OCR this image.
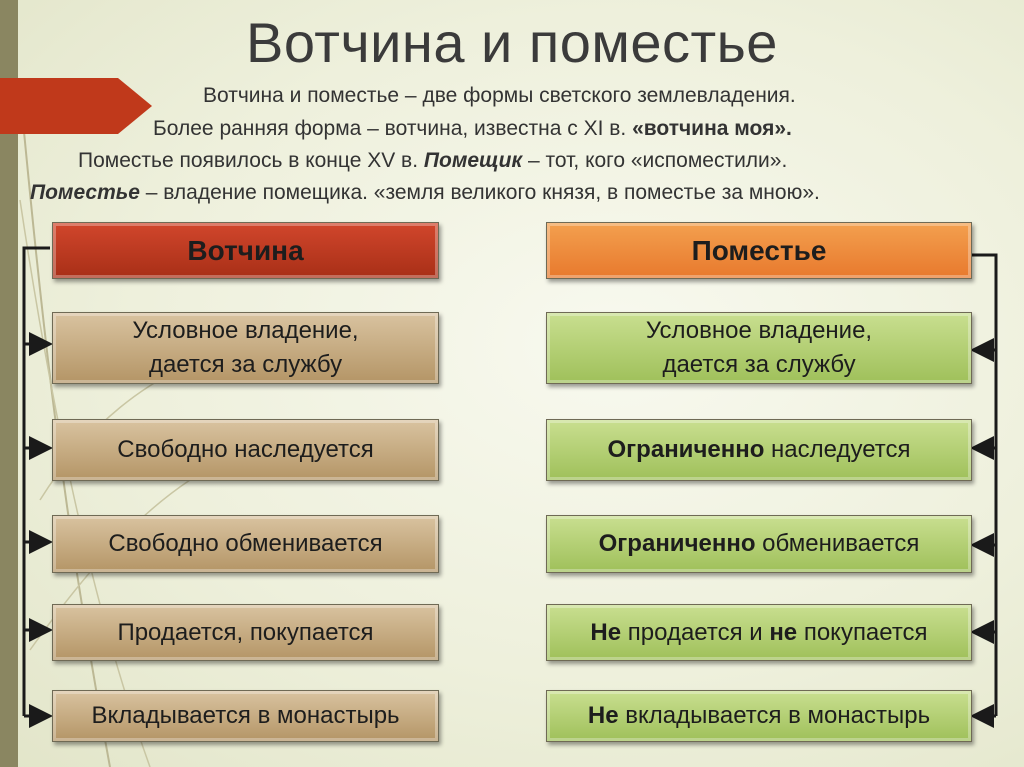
Вотчина и поместье
Вотчина и поместье – две формы светского землевладения.
Более ранняя форма – вотчина, известна с XI в. «вотчина моя».
Поместье появилось в конце XV в. Помещик – тот, кого «испоместили».
Поместье – владение помещика. «земля великого князя, в поместье за мною».
Вотчина
Условное владение,
дается за службу
Свободно наследуется
Свободно обменивается
Продается, покупается
Вкладывается в монастырь
Поместье
Условное владение,
дается за службу
Ограниченно наследуется
Ограниченно обменивается
Не продается и не покупается
Не вкладывается в монастырь
